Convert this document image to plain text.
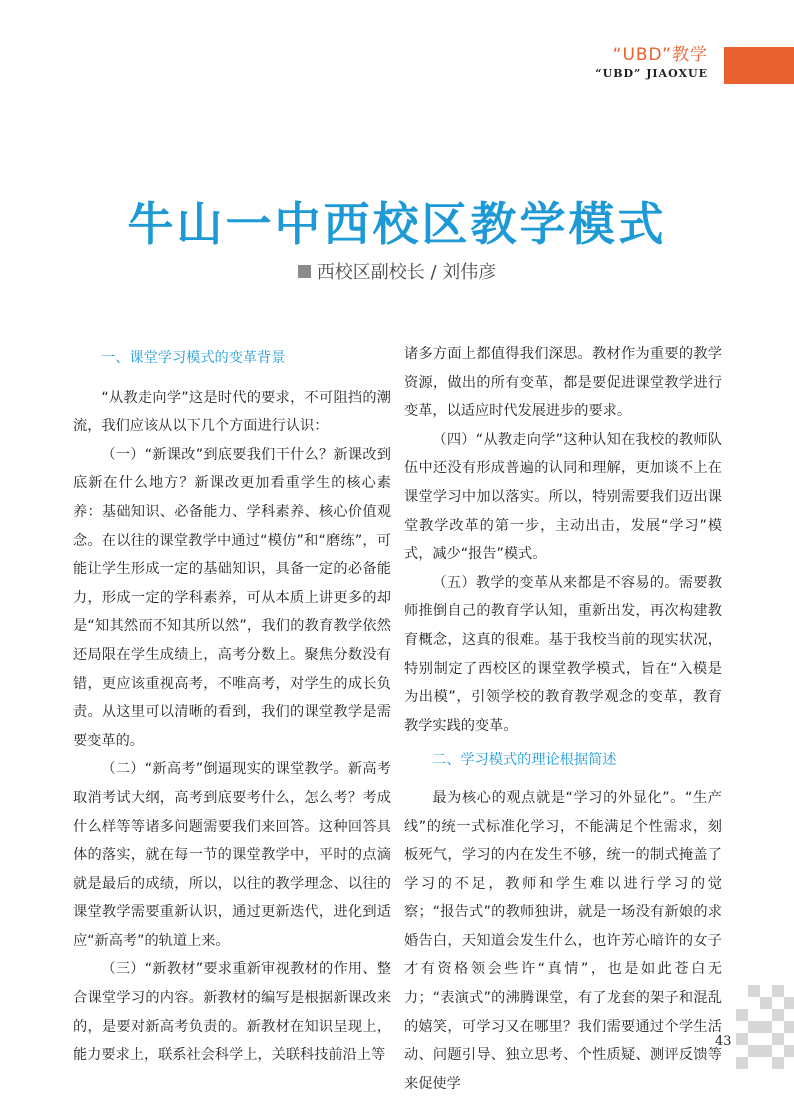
“UBD”教学
“UBD” JIAOXUE
牛山一中西校区教学模式
西校区副校长 / 刘伟彦
一、课堂学习模式的变革背景

“从教走向学”这是时代的要求，不可阻挡的潮流，我们应该从以下几个方面进行认识：

（一）“新课改”到底要我们干什么？新课改到底新在什么地方？新课改更加看重学生的核心素养：基础知识、必备能力、学科素养、核心价值观念。在以往的课堂教学中通过“模仿”和“磨练”，可能让学生形成一定的基础知识，具备一定的必备能力，形成一定的学科素养，可从本质上讲更多的却是“知其然而不知其所以然”，我们的教育教学依然还局限在学生成绩上，高考分数上。聚焦分数没有错，更应该重视高考，不唯高考，对学生的成长负责。从这里可以清晰的看到，我们的课堂教学是需要变革的。

（二）“新高考”倒逼现实的课堂教学。新高考取消考试大纲，高考到底要考什么，怎么考？考成什么样等等诸多问题需要我们来回答。这种回答具体的落实，就在每一节的课堂教学中，平时的点滴就是最后的成绩，所以，以往的教学理念、以往的课堂教学需要重新认识，通过更新迭代，进化到适应“新高考”的轨道上来。

（三）“新教材”要求重新审视教材的作用、整合课堂学习的内容。新教材的编写是根据新课改来的，是要对新高考负责的。新教材在知识呈现上，能力要求上，联系社会科学上，关联科技前沿上等

诸多方面上都值得我们深思。教材作为重要的教学资源，做出的所有变革，都是要促进课堂教学进行变革，以适应时代发展进步的要求。

（四）“从教走向学”这种认知在我校的教师队伍中还没有形成普遍的认同和理解，更加谈不上在课堂学习中加以落实。所以，特别需要我们迈出课堂教学改革的第一步，主动出击，发展“学习”模式，减少“报告”模式。

（五）教学的变革从来都是不容易的。需要教师推倒自己的教育学认知，重新出发，再次构建教育概念，这真的很难。基于我校当前的现实状况，特别制定了西校区的课堂教学模式，旨在“入模是为出模”，引领学校的教育教学观念的变革，教育教学实践的变革。

二、学习模式的理论根据简述

最为核心的观点就是“学习的外显化”。“生产线”的统一式标准化学习，不能满足个性需求，刻板死气，学习的内在发生不够，统一的制式掩盖了学习的不足，教师和学生难以进行学习的觉察；“报告式”的教师独讲，就是一场没有新娘的求婚告白，天知道会发生什么，也许芳心暗许的女子才有资格领会些许“真情”，也是如此苍白无力；“表演式”的沸腾课堂，有了龙套的架子和混乱的嬉笑，可学习又在哪里？我们需要通过个学生活动、问题引导、独立思考、个性质疑、测评反馈等来促使学

43
